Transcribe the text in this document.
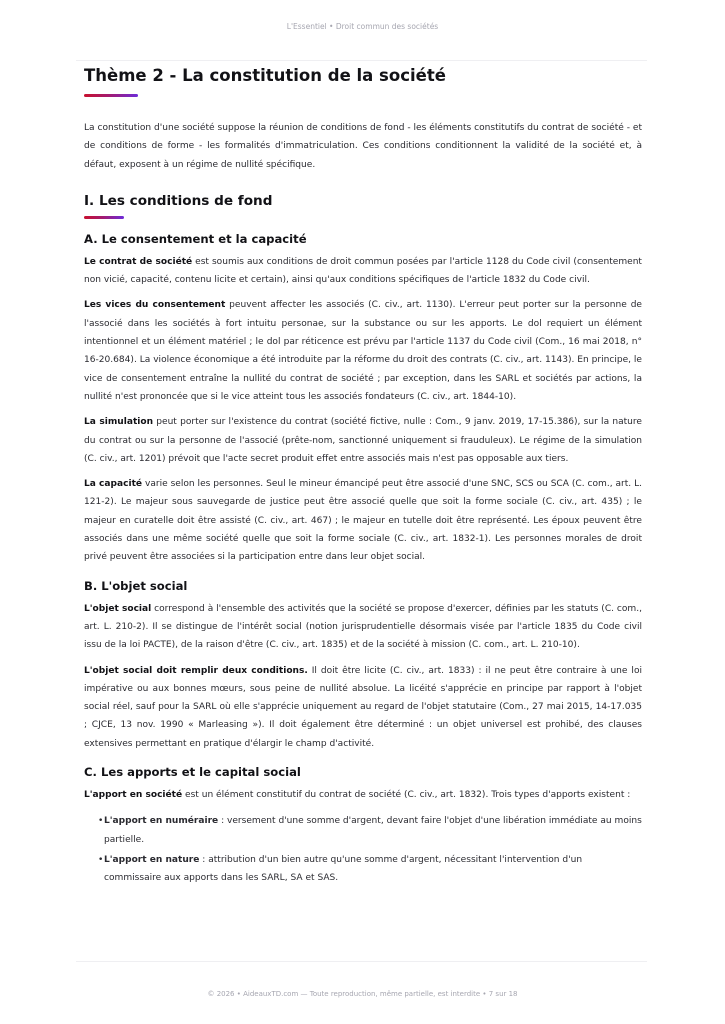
L'Essentiel • Droit commun des sociétés
Thème 2 - La constitution de la société

La constitution d'une société suppose la réunion de conditions de fond - les éléments constitutifs du contrat de société - et de conditions de forme - les formalités d'immatriculation. Ces conditions conditionnent la validité de la société et, à défaut, exposent à un régime de nullité spécifique.

I. Les conditions de fond
A. Le consentement et la capacité

Le contrat de société est soumis aux conditions de droit commun posées par l'article 1128 du Code civil (consentement non vicié, capacité, contenu licite et certain), ainsi qu'aux conditions spécifiques de l'article 1832 du Code civil.

Les vices du consentement peuvent affecter les associés (C. civ., art. 1130). L'erreur peut porter sur la personne de l'associé dans les sociétés à fort intuitu personae, sur la substance ou sur les apports. Le dol requiert un élément intentionnel et un élément matériel ; le dol par réticence est prévu par l'article 1137 du Code civil (Com., 16 mai 2018, n° 16-20.684). La violence économique a été introduite par la réforme du droit des contrats (C. civ., art. 1143). En principe, le vice de consentement entraîne la nullité du contrat de société ; par exception, dans les SARL et sociétés par actions, la nullité n'est prononcée que si le vice atteint tous les associés fondateurs (C. civ., art. 1844-10).

La simulation peut porter sur l'existence du contrat (société fictive, nulle : Com., 9 janv. 2019, 17-15.386), sur la nature du contrat ou sur la personne de l'associé (prête-nom, sanctionné uniquement si frauduleux). Le régime de la simulation (C. civ., art. 1201) prévoit que l'acte secret produit effet entre associés mais n'est pas opposable aux tiers.

La capacité varie selon les personnes. Seul le mineur émancipé peut être associé d'une SNC, SCS ou SCA (C. com., art. L. 121-2). Le majeur sous sauvegarde de justice peut être associé quelle que soit la forme sociale (C. civ., art. 435) ; le majeur en curatelle doit être assisté (C. civ., art. 467) ; le majeur en tutelle doit être représenté. Les époux peuvent être associés dans une même société quelle que soit la forme sociale (C. civ., art. 1832-1). Les personnes morales de droit privé peuvent être associées si la participation entre dans leur objet social.

B. L'objet social

L'objet social correspond à l'ensemble des activités que la société se propose d'exercer, définies par les statuts (C. com., art. L. 210-2). Il se distingue de l'intérêt social (notion jurisprudentielle désormais visée par l'article 1835 du Code civil issu de la loi PACTE), de la raison d'être (C. civ., art. 1835) et de la société à mission (C. com., art. L. 210-10).

L'objet social doit remplir deux conditions. Il doit être licite (C. civ., art. 1833) : il ne peut être contraire à une loi impérative ou aux bonnes mœurs, sous peine de nullité absolue. La licéité s'apprécie en principe par rapport à l'objet social réel, sauf pour la SARL où elle s'apprécie uniquement au regard de l'objet statutaire (Com., 27 mai 2015, 14-17.035 ; CJCE, 13 nov. 1990 « Marleasing »). Il doit également être déterminé : un objet universel est prohibé, des clauses extensives permettant en pratique d'élargir le champ d'activité.

C. Les apports et le capital social

L'apport en société est un élément constitutif du contrat de société (C. civ., art. 1832). Trois types d'apports existent :

• L'apport en numéraire : versement d'une somme d'argent, devant faire l'objet d'une libération immédiate au moins partielle.
• L'apport en nature : attribution d'un bien autre qu'une somme d'argent, nécessitant l'intervention d'un commissaire aux apports dans les SARL, SA et SAS.
© 2026 • AideauxTD.com — Toute reproduction, même partielle, est interdite • 7 sur 18
